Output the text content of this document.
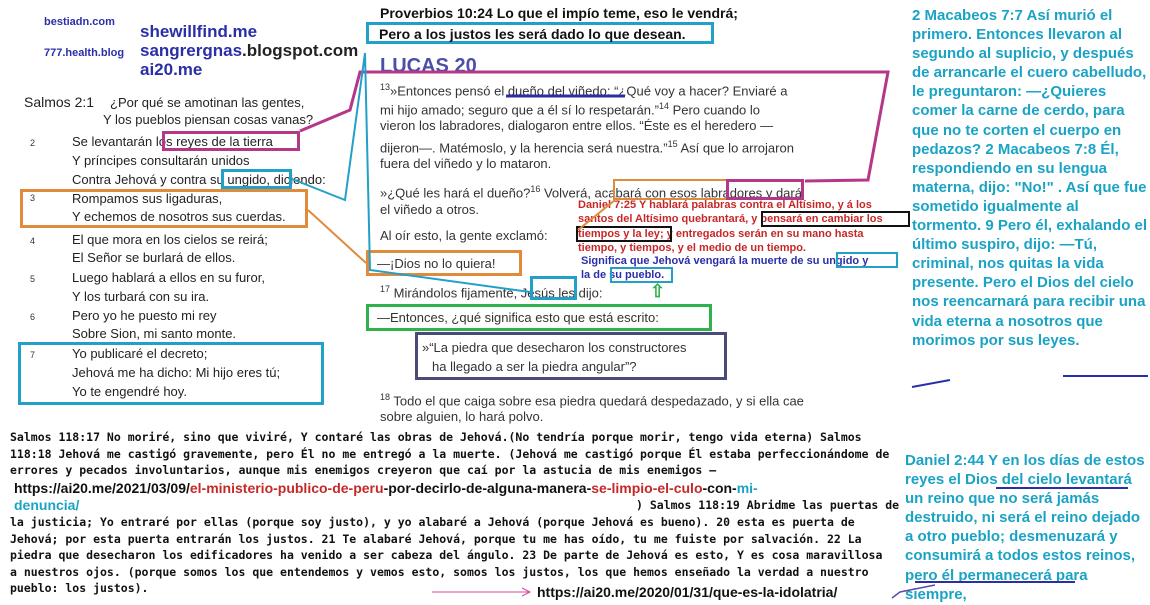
bestiadn.com
777.health.blog
shewillfind.me
sangrergnas.blogspot.com
ai20.me
Proverbios 10:24 Lo que el impío teme, eso le vendrá;
Pero a los justos les será dado lo que desean.
Salmos 2:1 ¿Por qué se amotinan las gentes,
Y los pueblos piensan cosas vanas?
2	Se levantarán los reyes de la tierra
Y príncipes consultarán unidos
Contra Jehová y contra su ungido, diciendo:
3	Rompamos sus ligaduras,
Y echemos de nosotros sus cuerdas.
4	El que mora en los cielos se reirá;
El Señor se burlará de ellos.
5	Luego hablará a ellos en su furor,
Y los turbará con su ira.
6	Pero yo he puesto mi rey
Sobre Sion, mi santo monte.
7	Yo publicaré el decreto;
Jehová me ha dicho: Mi hijo eres tú;
Yo te engendré hoy.
LUCAS 20
$^{13}$»Entonces pensó el dueño del viñedo: “¿Qué voy a hacer? Enviaré a
mi hijo amado; seguro que a él sí lo respetarán.”$^{14}$ Pero cuando lo
vieron los labradores, dialogaron entre ellos. “Éste es el heredero —
dijeron—. Matémoslo, y la herencia será nuestra.”$^{15}$ Así que lo arrojaron
fuera del viñedo y lo mataron.
»¿Qué les hará el dueño?$^{16}$ Volverá, acabará con esos labradores y dará
el viñedo a otros.
Al oír esto, la gente exclamó:
—¡Dios no lo quiera!
$^{17}$ Mirándolos fijamente, Jesús les dijo:
—Entonces, ¿qué significa esto que está escrito:
»“La piedra que desecharon los constructores
ha llegado a ser la piedra angular”?
$^{18}$ Todo el que caiga sobre esa piedra quedará despedazado, y si ella cae
sobre alguien, lo hará polvo.
Daniel 7:25 Y hablará palabras contra el Altísimo, y á los
santos del Altísimo quebrantará, y pensará en cambiar los
tiempos y la ley; y entregados serán en su mano hasta
tiempo, y tiempos, y el medio de un tiempo.
Significa que Jehová vengará la muerte de su ungido y
la de su pueblo.
⇧
2 Macabeos 7:7 Así murió el primero. Entonces llevaron al segundo al suplicio, y después de arrancarle el cuero cabelludo, le preguntaron: —¿Quieres comer la carne de cerdo, para que no te corten el cuerpo en pedazos? 2 Macabeos 7:8 Él, respondiendo en su lengua materna, dijo: "No!" . Así que fue sometido igualmente al tormento. 9 Pero él, exhalando el último suspiro, dijo: —Tú, criminal, nos quitas la vida presente. Pero el Dios del cielo nos reencarnará para recibir una vida eterna a nosotros que morimos por sus leyes.
Daniel 2:44 Y en los días de estos reyes el Dios del cielo levantará un reino que no será jamás destruido, ni será el reino dejado a otro pueblo; desmenuzará y consumirá a todos estos reinos, pero él permanecerá para siempre,
Salmos 118:17 No moriré, sino que viviré, Y contaré las obras de Jehová.(No tendría porque morir, tengo vida eterna) Salmos 118:18 Jehová me castigó gravemente, pero Él no me entregó a la muerte. (Jehová me castigó porque Él estaba perfeccionándome de errores y pecados involuntarios, aunque mis enemigos creyeron que caí por la astucia de mis enemigos –
https://ai20.me/2021/03/09/el-ministerio-publico-de-peru-por-decirlo-de-alguna-manera-se-limpio-el-culo-con-mi-
denuncia/	) Salmos 118:19 Abridme las puertas de
la justicia; Yo entraré por ellas (porque soy justo), y yo alabaré a Jehová (porque Jehová es bueno). 20 esta es puerta de Jehová; por esta puerta entrarán los justos. 21 Te alabaré Jehová, porque tu me has oído, tu me fuiste por salvación. 22 La piedra que desecharon los edificadores ha venido a ser cabeza del ángulo. 23 De parte de Jehová es esto, Y es cosa maravillosa a nuestros ojos. (porque somos los que entendemos y vemos esto, somos los justos, los que hemos enseñado la verdad a nuestro pueblo: los justos).	https://ai20.me/2020/01/31/que-es-la-idolatria/
